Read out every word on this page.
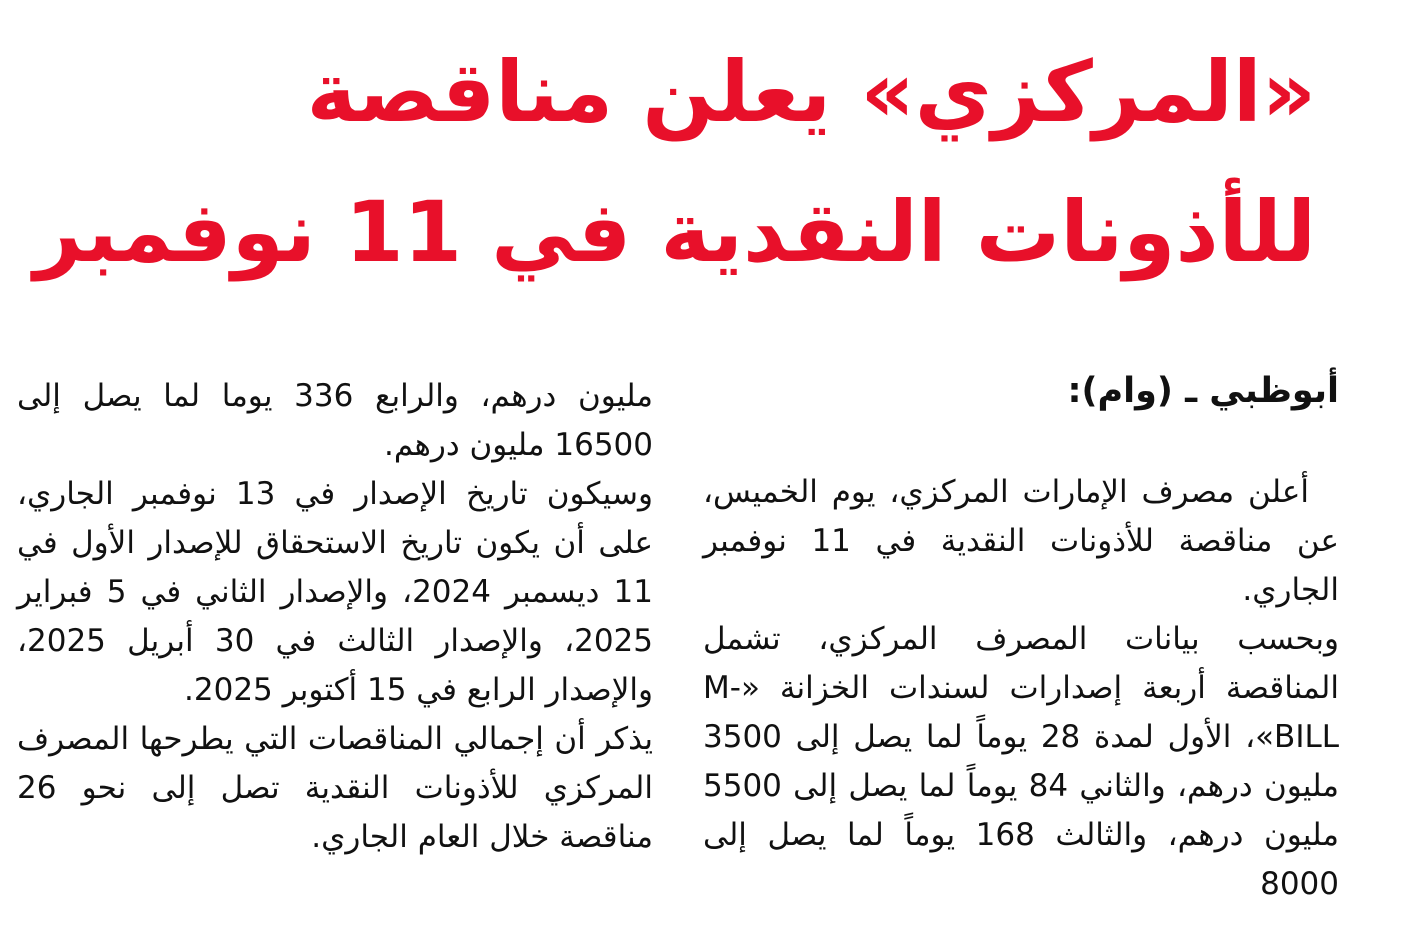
«المركزي» يعلن مناقصة للأذونات النقدية في 11 نوفمبر

أبوظبي ـ (وام):

أعلن مصرف الإمارات المركزي، يوم الخميس، عن مناقصة للأذونات النقدية في 11 نوفمبر الجاري.

وبحسب بيانات المصرف المركزي، تشمل المناقصة أربعة إصدارات لسندات الخزانة «M-BILL»، الأول لمدة 28 يوماً لما يصل إلى 3500 مليون درهم، والثاني 84 يوماً لما يصل إلى 5500 مليون درهم، والثالث 168 يوماً لما يصل إلى 8000

مليون درهم، والرابع 336 يوما لما يصل إلى 16500 مليون درهم.

وسيكون تاريخ الإصدار في 13 نوفمبر الجاري، على أن يكون تاريخ الاستحقاق للإصدار الأول في 11 ديسمبر 2024، والإصدار الثاني في 5 فبراير 2025، والإصدار الثالث في 30 أبريل 2025، والإصدار الرابع في 15 أكتوبر 2025.

يذكر أن إجمالي المناقصات التي يطرحها المصرف المركزي للأذونات النقدية تصل إلى نحو 26 مناقصة خلال العام الجاري.
